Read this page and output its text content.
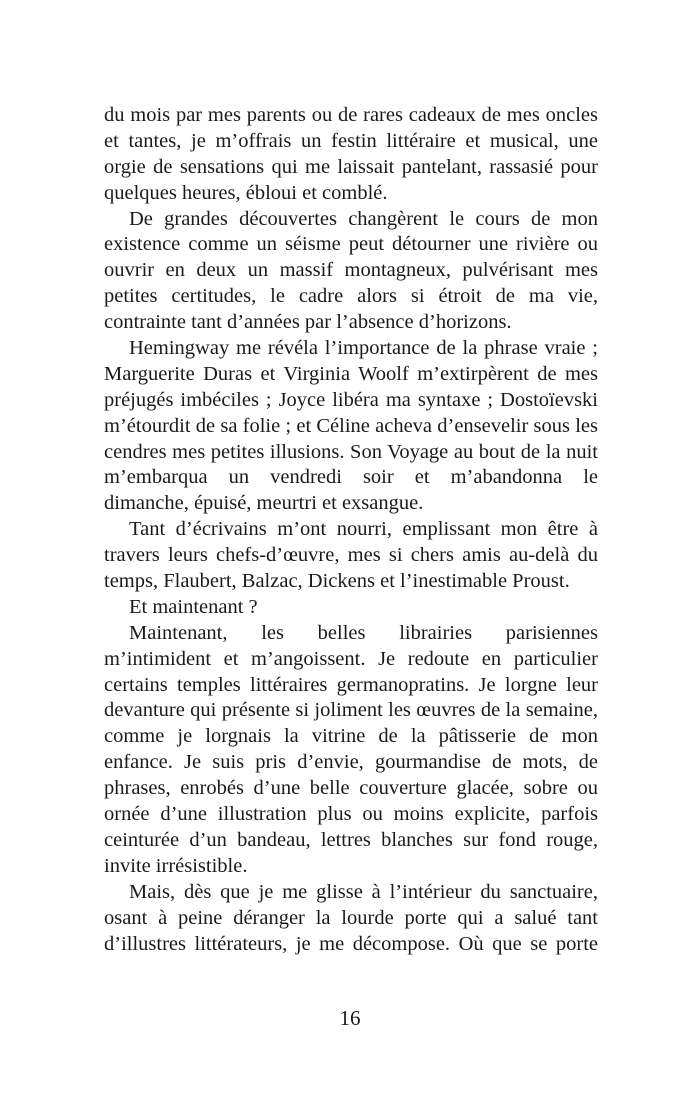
du mois par mes parents ou de rares cadeaux de mes oncles
et tantes, je m’offrais un festin littéraire et musical, une
orgie de sensations qui me laissait pantelant, rassasié pour
quelques heures, ébloui et comblé.
De grandes découvertes changèrent le cours de mon
existence comme un séisme peut détourner une rivière ou
ouvrir en deux un massif montagneux, pulvérisant mes
petites certitudes, le cadre alors si étroit de ma vie,
contrainte tant d’années par l’absence d’horizons.
Hemingway me révéla l’importance de la phrase vraie ;
Marguerite Duras et Virginia Woolf m’extirpèrent de mes
préjugés imbéciles ; Joyce libéra ma syntaxe ; Dostoïevski
m’étourdit de sa folie ; et Céline acheva d’ensevelir sous les
cendres mes petites illusions. Son Voyage au bout de la nuit
m’embarqua un vendredi soir et m’abandonna le
dimanche, épuisé, meurtri et exsangue.
Tant d’écrivains m’ont nourri, emplissant mon être à
travers leurs chefs-d’œuvre, mes si chers amis au-delà du
temps, Flaubert, Balzac, Dickens et l’inestimable Proust.
Et maintenant ?
Maintenant, les belles librairies parisiennes
m’intimident et m’angoissent. Je redoute en particulier
certains temples littéraires germanopratins. Je lorgne leur
devanture qui présente si joliment les œuvres de la semaine,
comme je lorgnais la vitrine de la pâtisserie de mon
enfance. Je suis pris d’envie, gourmandise de mots, de
phrases, enrobés d’une belle couverture glacée, sobre ou
ornée d’une illustration plus ou moins explicite, parfois
ceinturée d’un bandeau, lettres blanches sur fond rouge,
invite irrésistible.
Mais, dès que je me glisse à l’intérieur du sanctuaire,
osant à peine déranger la lourde porte qui a salué tant
d’illustres littérateurs, je me décompose. Où que se porte
16
